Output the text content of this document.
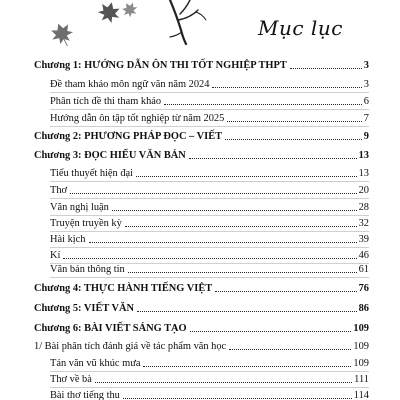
Mục lục
Chương 1: HƯỚNG DẪN ÔN THI TỐT NGHIỆP THPT	3
Đề tham khảo môn ngữ văn năm 2024	3
Phân tích đề thi tham khảo	6
Hướng dẫn ôn tập tốt nghiệp từ năm 2025	7
Chương 2: PHƯƠNG PHÁP ĐỌC – VIẾT	9
Chương 3: ĐỌC HIỂU VĂN BẢN	13
Tiểu thuyết hiện đại	13
Thơ	20
Văn nghị luận	28
Truyện truyền kỳ	32
Hài kịch	39
Kí	46
Văn bản thông tin	61
Chương 4: THỰC HÀNH TIẾNG VIỆT	76
Chương 5: VIẾT VĂN	86
Chương 6: BÀI VIẾT SÁNG TẠO	109
1/ Bài phân tích đánh giá về tác phẩm văn học	109
Tản văn vũ khúc mưa	109
Thơ về bà	111
Bài thơ tiếng thu	114
